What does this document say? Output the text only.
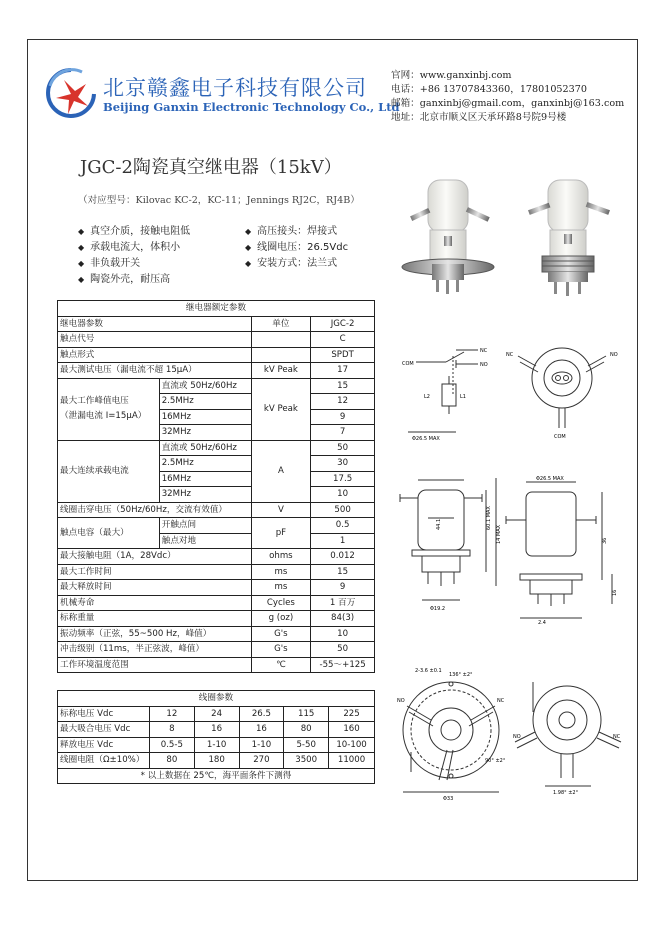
北京赣鑫电子科技有限公司
Beijing Ganxin Electronic Technology Co., Ltd
官网：www.ganxinbj.com
电话：+86 13707843360，17801052370
邮箱：ganxinbj@gmail.com，ganxinbj@163.com
地址：北京市顺义区天承环路8号院9号楼
JGC-2陶瓷真空继电器（15kV）
（对应型号：Kilovac KC-2，KC-11；Jennings RJ2C，RJ4B）
◆ 真空介质，接触电阻低
◆ 承载电流大，体积小
◆ 非负载开关
◆ 陶瓷外壳，耐压高
◆ 高压接头：焊接式
◆ 线圈电压：26.5Vdc
◆ 安装方式：法兰式
继电器额定参数			
继电器参数		单位	JGC-2
触点代号			C
触点形式			SPDT
最大测试电压（漏电流不超 15μA）		kV Peak	17

最大工作峰值电压
（泄漏电流 I=15μA）	直流或 50Hz/60Hz	kV Peak	15
	2.5MHz		12
	16MHz		9
	32MHz		7
最大连续承载电流	直流或 50Hz/60Hz	A	50
	2.5MHz		30
	16MHz		17.5
	32MHz		10
线圈击穿电压（50Hz/60Hz，交流有效值）		V	500
触点电容（最大）	开触点间	pF	0.5
	触点对地		1
最大接触电阻（1A，28Vdc）		ohms	0.012
最大工作时间		ms	15
最大释放时间		ms	9
机械寿命		Cycles	1 百万
标称重量		g (oz)	84(3)
振动频率（正弦，55~500 Hz，峰值）		G's	10
冲击级别（11ms，半正弦波，峰值）		G's	50
工作环境温度范围		℃	-55～+125
线圈参数					
标称电压 Vdc	12	24	26.5	115	225
最大吸合电压 Vdc	8	16	16	80	160
释放电压 Vdc	0.5-5	1-10	1-10	5-50	10-100
线圈电阻（Ω±10%）	80	180	270	3500	11000
* 以上数据在 25℃，海平面条件下测得					
NC
NO
COM
L2	L1
Φ26.5 MAX
NC	NO
COM
44.1	60.1 MAX
14 MAX
Φ19.2
Φ26.5 MAX
36
16
2.4
2-3.6 ±0.1
136° ±2°
NO	NC
90° ±2°
Φ33
NO	NC
1.98° ±2°
